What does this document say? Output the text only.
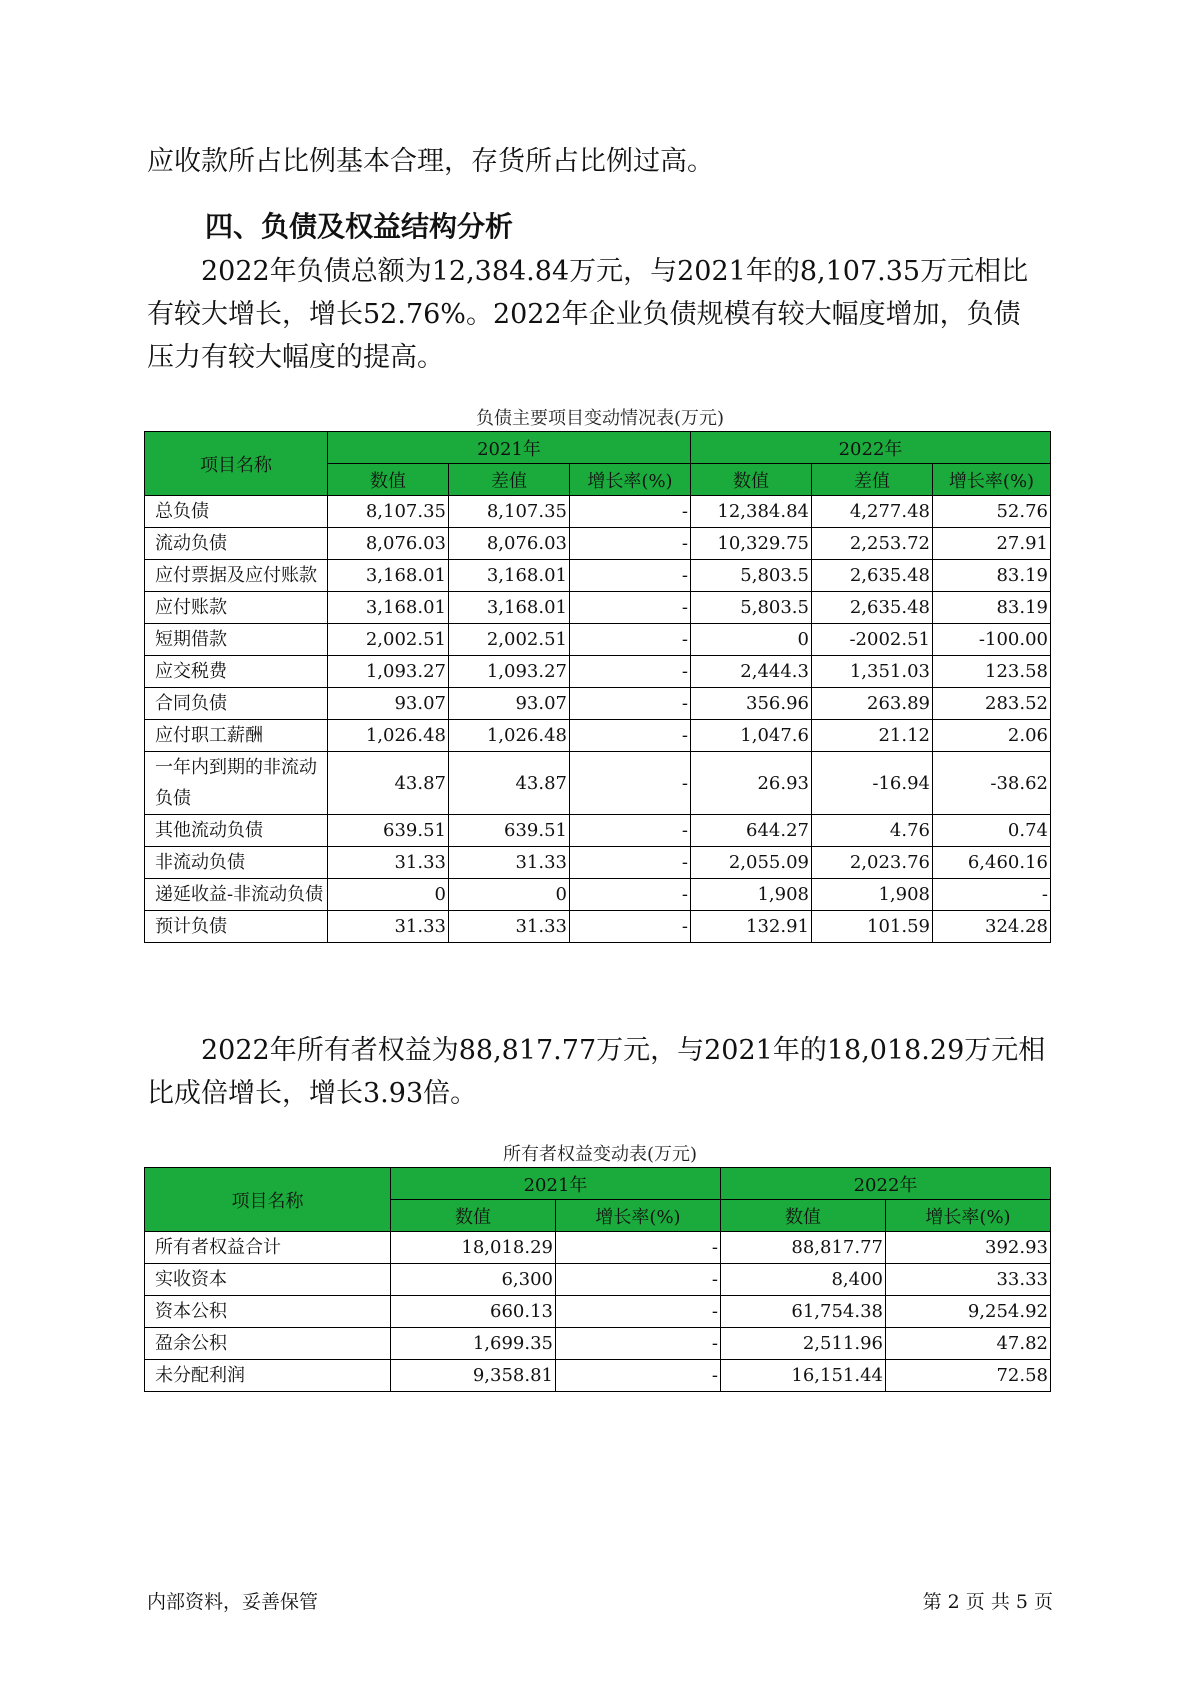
应收款所占比例基本合理，存货所占比例过高。

四、负债及权益结构分析

2022年负债总额为12,384.84万元，与2021年的8,107.35万元相比有较大增长，增长52.76%。2022年企业负债规模有较大幅度增加，负债压力有较大幅度的提高。

负债主要项目变动情况表(万元)
项目名称	2021年			2022年		
	数值	差值	增长率(%)	数值	差值	增长率(%)
总负债	8,107.35	8,107.35	-	12,384.84	4,277.48	52.76
流动负债	8,076.03	8,076.03	-	10,329.75	2,253.72	27.91
应付票据及应付账款	3,168.01	3,168.01	-	5,803.5	2,635.48	83.19
应付账款	3,168.01	3,168.01	-	5,803.5	2,635.48	83.19
短期借款	2,002.51	2,002.51	-	0	-2002.51	-100.00
应交税费	1,093.27	1,093.27	-	2,444.3	1,351.03	123.58
合同负债	93.07	93.07	-	356.96	263.89	283.52
应付职工薪酬	1,026.48	1,026.48	-	1,047.6	21.12	2.06
一年内到期的非流动负债	43.87	43.87	-	26.93	-16.94	-38.62
其他流动负债	639.51	639.51	-	644.27	4.76	0.74
非流动负债	31.33	31.33	-	2,055.09	2,023.76	6,460.16
递延收益-非流动负债	0	0	-	1,908	1,908	-
预计负债	31.33	31.33	-	132.91	101.59	324.28

2022年所有者权益为88,817.77万元，与2021年的18,018.29万元相比成倍增长，增长3.93倍。

所有者权益变动表(万元)
项目名称	2021年		2022年	
	数值	增长率(%)	数值	增长率(%)
所有者权益合计	18,018.29	-	88,817.77	392.93
实收资本	6,300	-	8,400	33.33
资本公积	660.13	-	61,754.38	9,254.92
盈余公积	1,699.35	-	2,511.96	47.82
未分配利润	9,358.81	-	16,151.44	72.58
内部资料，妥善保管	第 2 页 共 5 页
